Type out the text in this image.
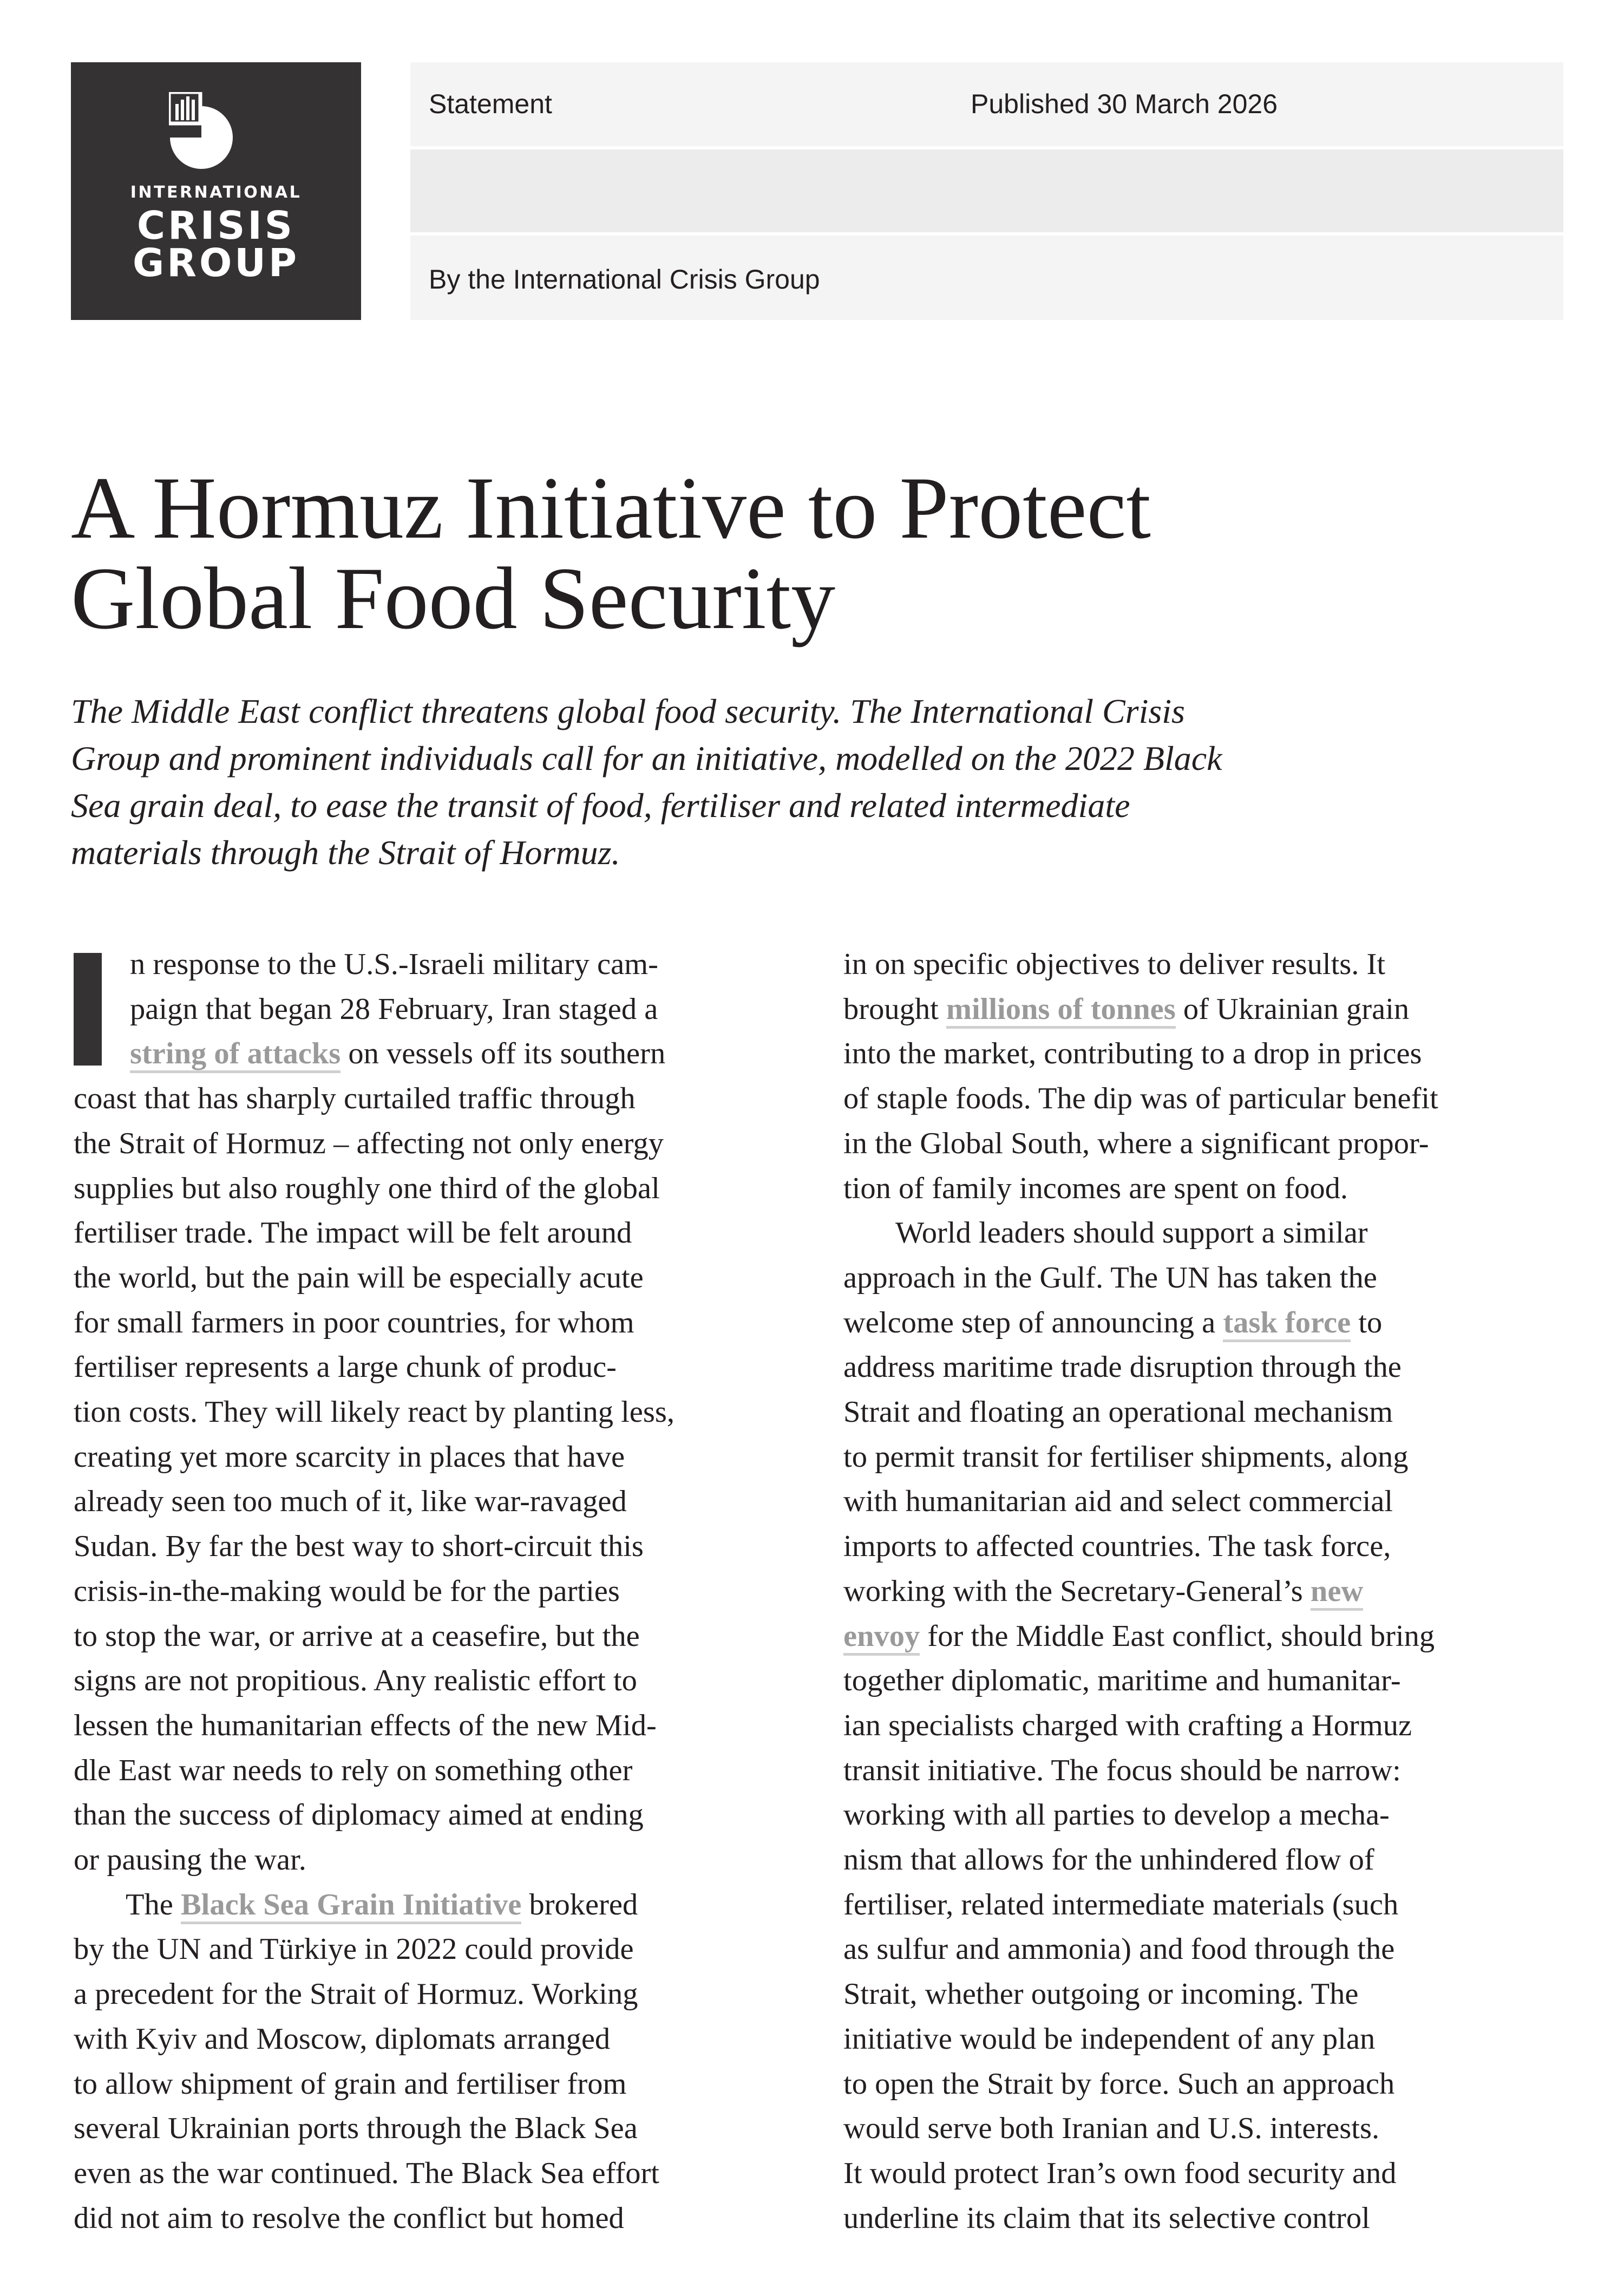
INTERNATIONAL
CRISIS
GROUP
Statement	Published 30 March 2026
By the International Crisis Group
A Hormuz Initiative to Protect
Global Food Security

The Middle East conflict threatens global food security. The International Crisis
Group and prominent individuals call for an initiative, modelled on the 2022 Black
Sea grain deal, to ease the transit of food, fertiliser and related intermediate
materials through the Strait of Hormuz.

n response to the U.S.-Israeli military cam-

paign that began 28 February, Iran staged a

string of attacks on vessels off its southern

coast that has sharply curtailed traffic through

the Strait of Hormuz – affecting not only energy

supplies but also roughly one third of the global

fertiliser trade. The impact will be felt around

the world, but the pain will be especially acute

for small farmers in poor countries, for whom

fertiliser represents a large chunk of produc-

tion costs. They will likely react by planting less,

creating yet more scarcity in places that have

already seen too much of it, like war-ravaged

Sudan. By far the best way to short-circuit this

crisis-in-the-making would be for the parties

to stop the war, or arrive at a ceasefire, but the

signs are not propitious. Any realistic effort to

lessen the humanitarian effects of the new Mid-

dle East war needs to rely on something other

than the success of diplomacy aimed at ending

or pausing the war.

The Black Sea Grain Initiative brokered

by the UN and Türkiye in 2022 could provide

a precedent for the Strait of Hormuz. Working

with Kyiv and Moscow, diplomats arranged

to allow shipment of grain and fertiliser from

several Ukrainian ports through the Black Sea

even as the war continued. The Black Sea effort

did not aim to resolve the conflict but homed

in on specific objectives to deliver results. It

brought millions of tonnes of Ukrainian grain

into the market, contributing to a drop in prices

of staple foods. The dip was of particular benefit

in the Global South, where a significant propor-

tion of family incomes are spent on food.

World leaders should support a similar

approach in the Gulf. The UN has taken the

welcome step of announcing a task force to

address maritime trade disruption through the

Strait and floating an operational mechanism

to permit transit for fertiliser shipments, along

with humanitarian aid and select commercial

imports to affected countries. The task force,

working with the Secretary-General’s new

envoy for the Middle East conflict, should bring

together diplomatic, maritime and humanitar-

ian specialists charged with crafting a Hormuz

transit initiative. The focus should be narrow:

working with all parties to develop a mecha-

nism that allows for the unhindered flow of

fertiliser, related intermediate materials (such

as sulfur and ammonia) and food through the

Strait, whether outgoing or incoming. The

initiative would be independent of any plan

to open the Strait by force. Such an approach

would serve both Iranian and U.S. interests.

It would protect Iran’s own food security and

underline its claim that its selective control
